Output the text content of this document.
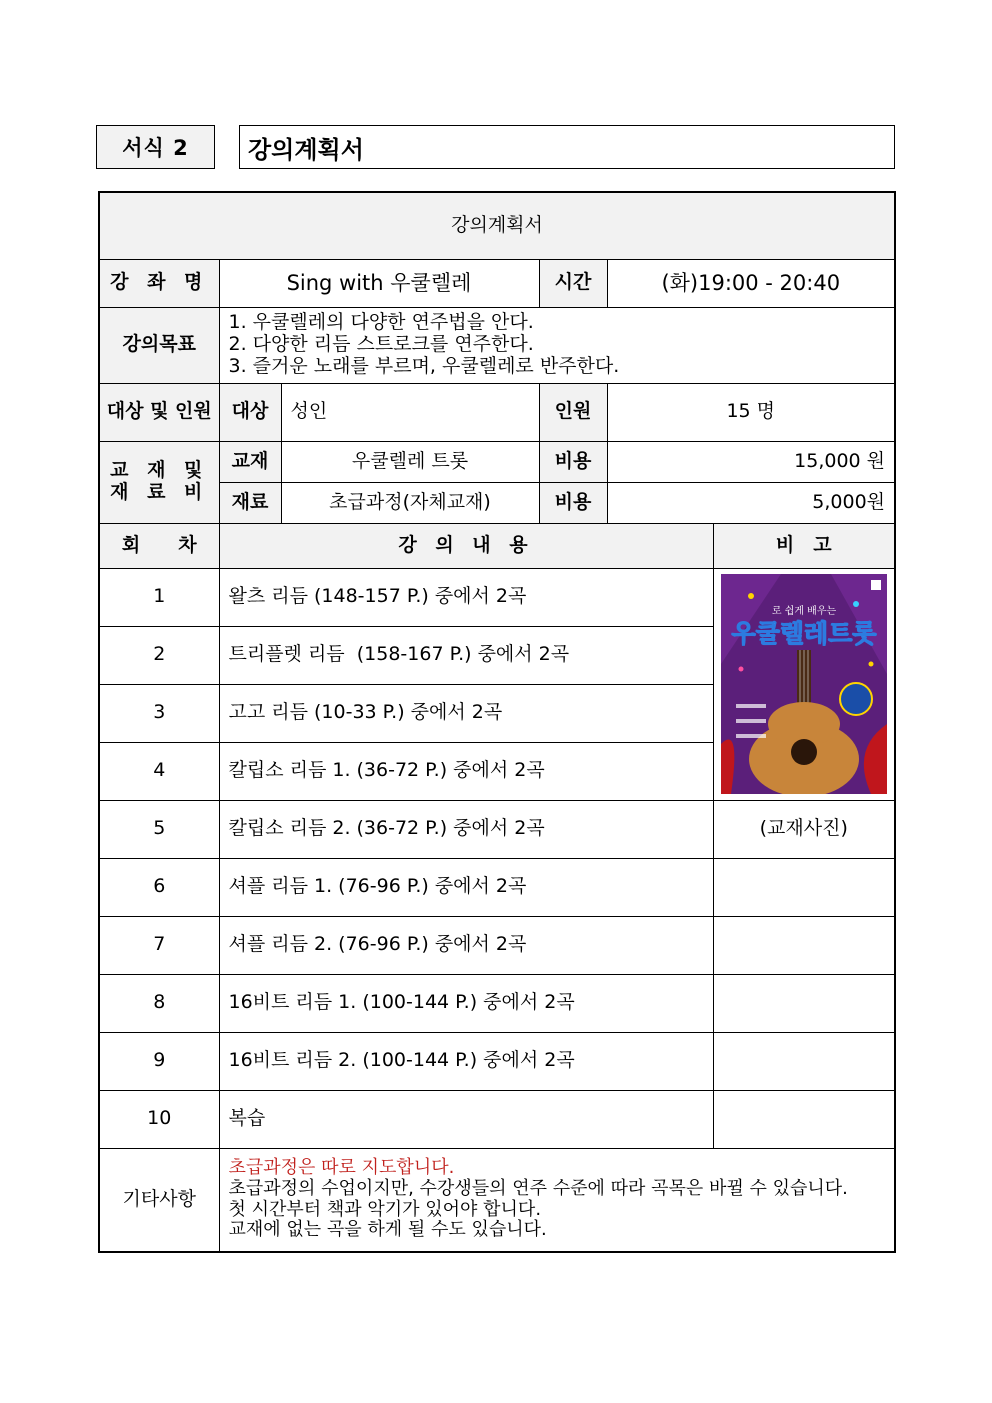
서식 2	강의계획서
강의계획서					
강 좌 명	Sing with 우쿨렐레		시간	(화)19:00 - 20:40	
강의목표	1. 우쿨렐레의 다양한 연주법을 안다.
2. 다양한 리듬 스트로크를 연주한다.
3. 즐거운 노래를 부르며, 우쿨렐레로 반주한다.				

대상 및 인원	대상	성인	인원	15 명	

교 재 및
재 료 비	교재	우쿨렐레 트롯	비용	15,000 원	
	재료	초급과정(자체교재)	비용	5,000원	
회　　차	강 의 내 용				비　고
1	왈츠 리듬 (148-157 P.) 중에서 2곡				로 쉽게 배우는
우쿨렐레트롯

2	트리플렛 리듬  (158-167 P.) 중에서 2곡				
3	고고 리듬 (10-33 P.) 중에서 2곡				
4	칼립소 리듬 1. (36-72 P.) 중에서 2곡				
5	칼립소 리듬 2. (36-72 P.) 중에서 2곡				(교재사진)
6	셔플 리듬 1. (76-96 P.) 중에서 2곡				
7	셔플 리듬 2. (76-96 P.) 중에서 2곡				
8	16비트 리듬 1. (100-144 P.) 중에서 2곡				
9	16비트 리듬 2. (100-144 P.) 중에서 2곡				
10	복습				
기타사항	초급과정은 따로 지도합니다.
초급과정의 수업이지만, 수강생들의 연주 수준에 따라 곡목은 바뀔 수 있습니다.
첫 시간부터 책과 악기가 있어야 합니다.
교재에 없는 곡을 하게 될 수도 있습니다.				
